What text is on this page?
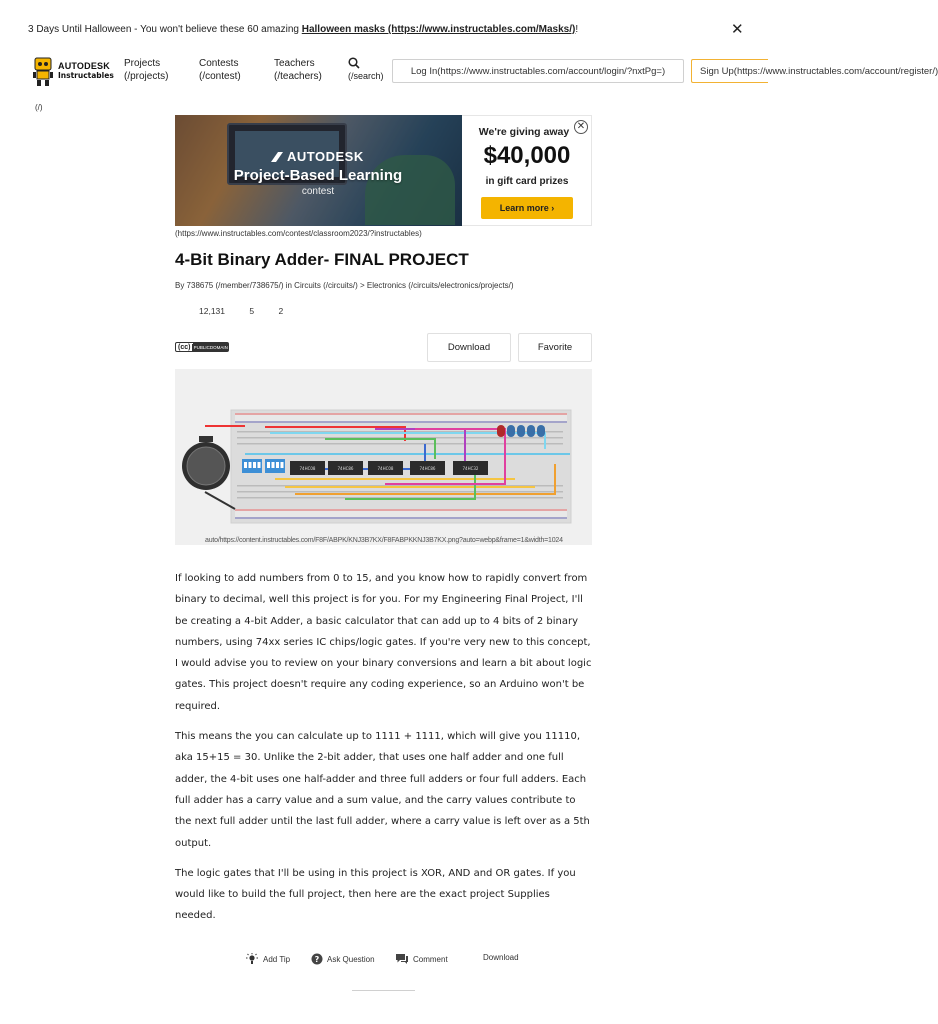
3 Days Until Halloween - You won't believe these 60 amazing Halloween masks (https://www.instructables.com/Masks/)!	✕
AUTODESK
Instructables
(/)
Projects
(/projects)
Contests
(/contest)
Teachers
(/teachers)	(/search)	Log In(https://www.instructables.com/account/login/?nxtPg=)	Sign Up(https://www.instructables.com/account/register/)
AUTODESK
Project-Based Learning
contest
We're giving away ✕
$40,000
in gift card prizes
Learn more ›
(https://www.instructables.com/contest/classroom2023/?instructables)
4-Bit Binary Adder- FINAL PROJECT
By 738675 (/member/738675/) in Circuits (/circuits/) > Electronics (/circuits/electronics/projects/)
12,131	5	2
(cc) PUBLICDOMAIN	Download	Favorite
74HC08	74HC86	74HC08	74HC86	74HC32
auto/https://content.instructables.com/F8F/ABPK/KNJ3B7KX/F8FABPKKNJ3B7KX.png?auto=webp&frame=1&width=1024

If looking to add numbers from 0 to 15, and you know how to rapidly convert from binary to decimal, well this project is for you. For my Engineering Final Project, I'll be creating a 4-bit Adder, a basic calculator that can add up to 4 bits of 2 binary numbers, using 74xx series IC chips/logic gates. If you're very new to this concept, I would advise you to review on your binary conversions and learn a bit about logic gates. This project doesn't require any coding experience, so an Arduino won't be required.

This means the you can calculate up to 1111 + 1111, which will give you 11110, aka 15+15 = 30. Unlike the 2-bit adder, that uses one half adder and one full adder, the 4-bit uses one half-adder and three full adders or four full adders. Each full adder has a carry value and a sum value, and the carry values contribute to the next full adder until the last full adder, where a carry value is left over as a 5th output.

The logic gates that I'll be using in this project is XOR, AND and OR gates. If you would like to build the full project, then here are the exact project Supplies needed.

Add Tip	? Ask Question	Comment	Download
